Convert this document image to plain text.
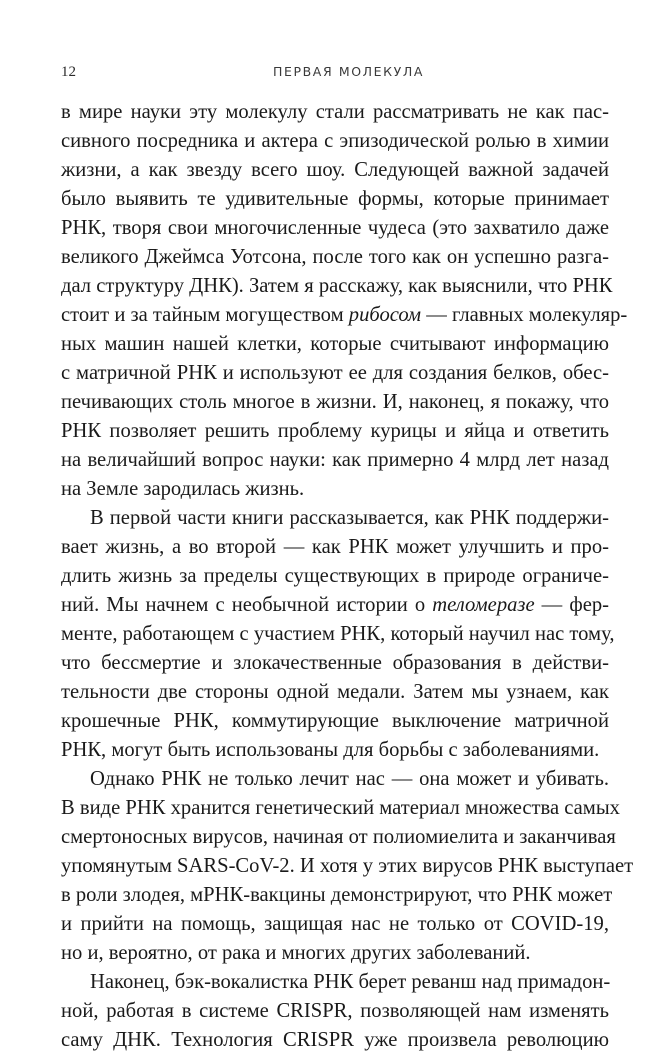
12	ПЕРВАЯ МОЛЕКУЛА
в мире науки эту молекулу стали рассматривать не как пас-
сивного посредника и актера с эпизодической ролью в химии
жизни, а как звезду всего шоу. Следующей важной задачей
было выявить те удивительные формы, которые принимает
РНК, творя свои многочисленные чудеса (это захватило даже
великого Джеймса Уотсона, после того как он успешно разга-
дал структуру ДНК). Затем я расскажу, как выяснили, что РНК
стоит и за тайным могуществом рибосом — главных молекуляр-
ных машин нашей клетки, которые считывают информацию
с матричной РНК и используют ее для создания белков, обес-
печивающих столь многое в жизни. И, наконец, я покажу, что
РНК позволяет решить проблему курицы и яйца и ответить
на величайший вопрос науки: как примерно 4 млрд лет назад
на Земле зародилась жизнь.
В первой части книги рассказывается, как РНК поддержи-
вает жизнь, а во второй — как РНК может улучшить и про-
длить жизнь за пределы существующих в природе ограниче-
ний. Мы начнем с необычной истории о теломеразе — фер-
менте, работающем с участием РНК, который научил нас тому,
что бессмертие и злокачественные образования в действи-
тельности две стороны одной медали. Затем мы узнаем, как
крошечные РНК, коммутирующие выключение матричной
РНК, могут быть использованы для борьбы с заболеваниями.
Однако РНК не только лечит нас — она может и убивать.
В виде РНК хранится генетический материал множества самых
смертоносных вирусов, начиная от полиомиелита и заканчивая
упомянутым SARS-CoV-2. И хотя у этих вирусов РНК выступает
в роли злодея, мРНК-вакцины демонстрируют, что РНК может
и прийти на помощь, защищая нас не только от COVID-19,
но и, вероятно, от рака и многих других заболеваний.
Наконец, бэк-вокалистка РНК берет реванш над примадон-
ной, работая в системе CRISPR, позволяющей нам изменять
саму ДНК. Технология CRISPR уже произвела революцию
